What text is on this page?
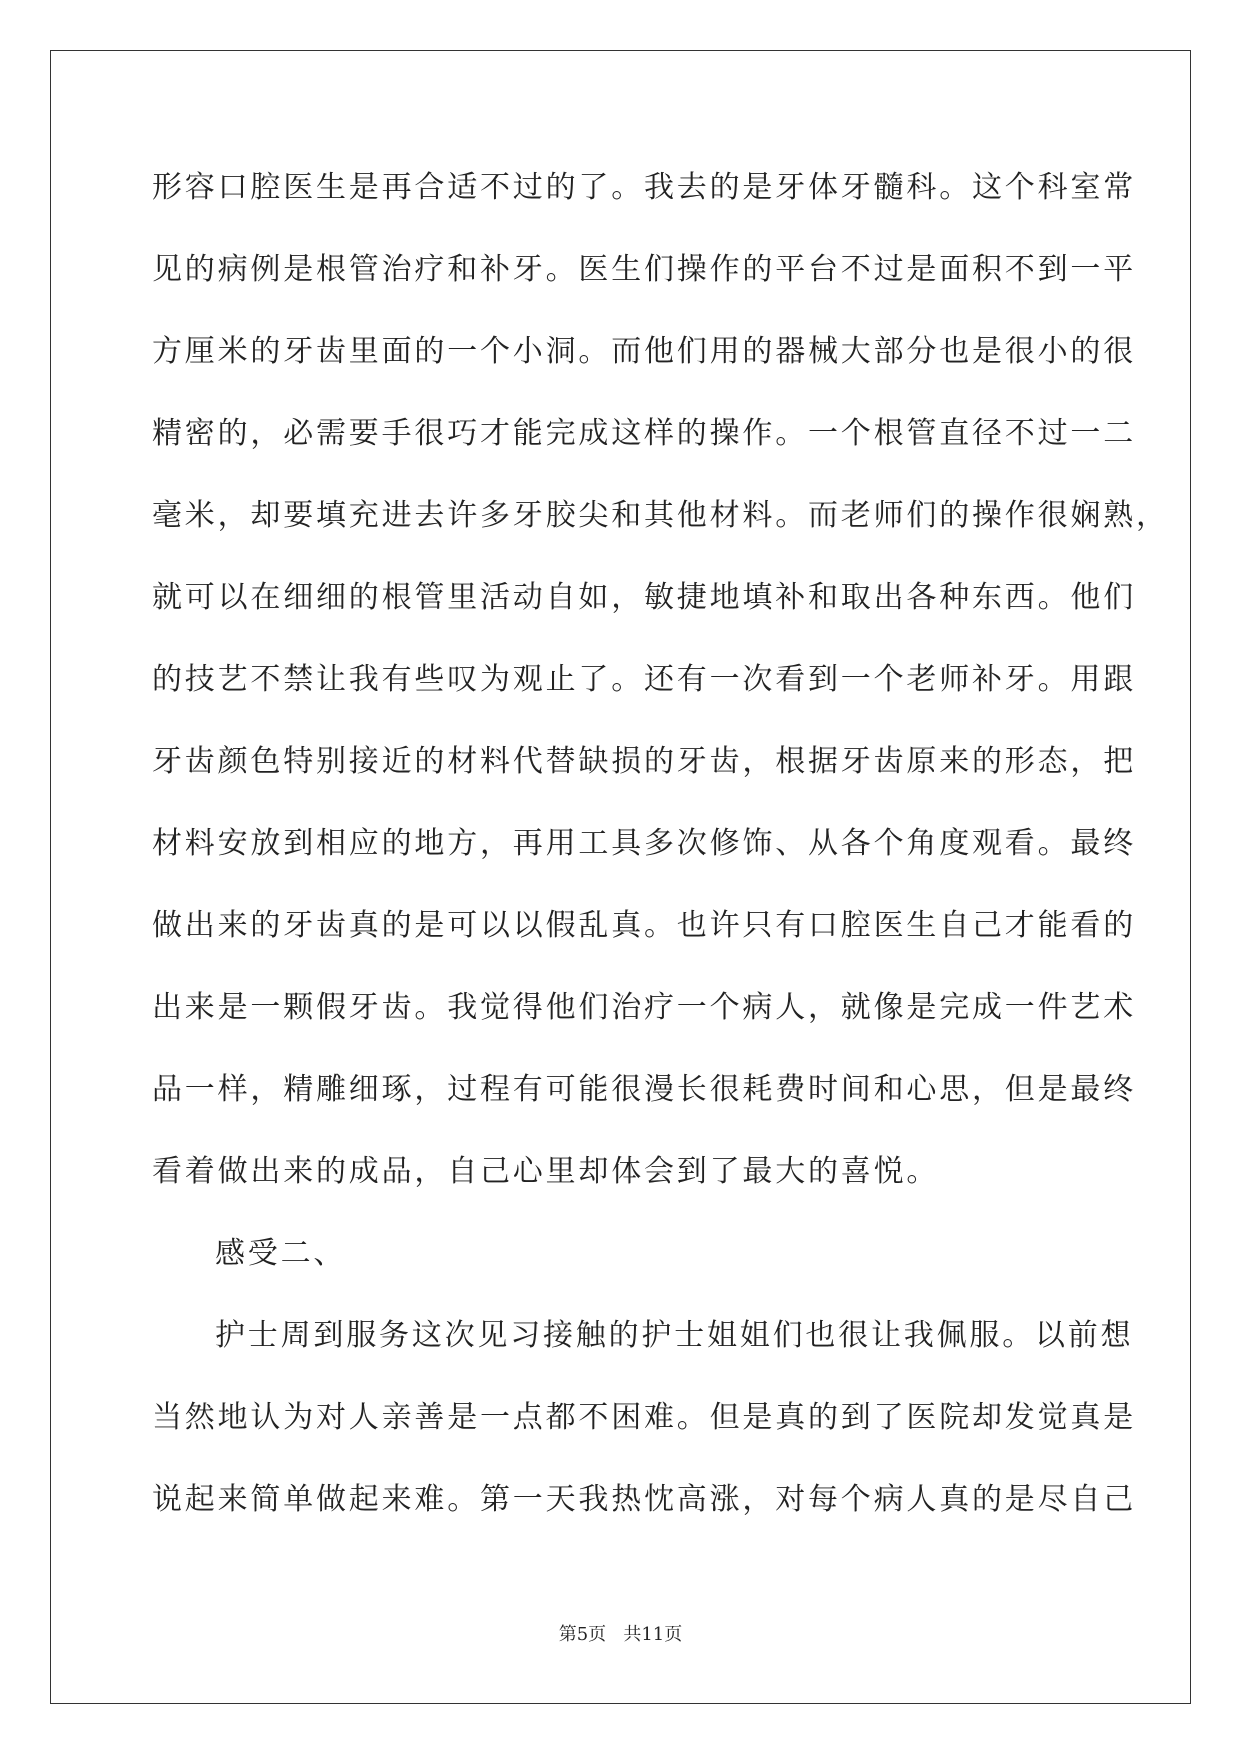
形容口腔医生是再合适不过的了。我去的是牙体牙髓科。这个科室常
见的病例是根管治疗和补牙。医生们操作的平台不过是面积不到一平
方厘米的牙齿里面的一个小洞。而他们用的器械大部分也是很小的很
精密的，必需要手很巧才能完成这样的操作。一个根管直径不过一二
毫米，却要填充进去许多牙胶尖和其他材料。而老师们的操作很娴熟，
就可以在细细的根管里活动自如，敏捷地填补和取出各种东西。他们
的技艺不禁让我有些叹为观止了。还有一次看到一个老师补牙。用跟
牙齿颜色特别接近的材料代替缺损的牙齿，根据牙齿原来的形态，把
材料安放到相应的地方，再用工具多次修饰、从各个角度观看。最终
做出来的牙齿真的是可以以假乱真。也许只有口腔医生自己才能看的
出来是一颗假牙齿。我觉得他们治疗一个病人，就像是完成一件艺术
品一样，精雕细琢，过程有可能很漫长很耗费时间和心思，但是最终
看着做出来的成品，自己心里却体会到了最大的喜悦。
感受二、
护士周到服务这次见习接触的护士姐姐们也很让我佩服。以前想
当然地认为对人亲善是一点都不困难。但是真的到了医院却发觉真是
说起来简单做起来难。第一天我热忱高涨，对每个病人真的是尽自己
第5页 共11页
